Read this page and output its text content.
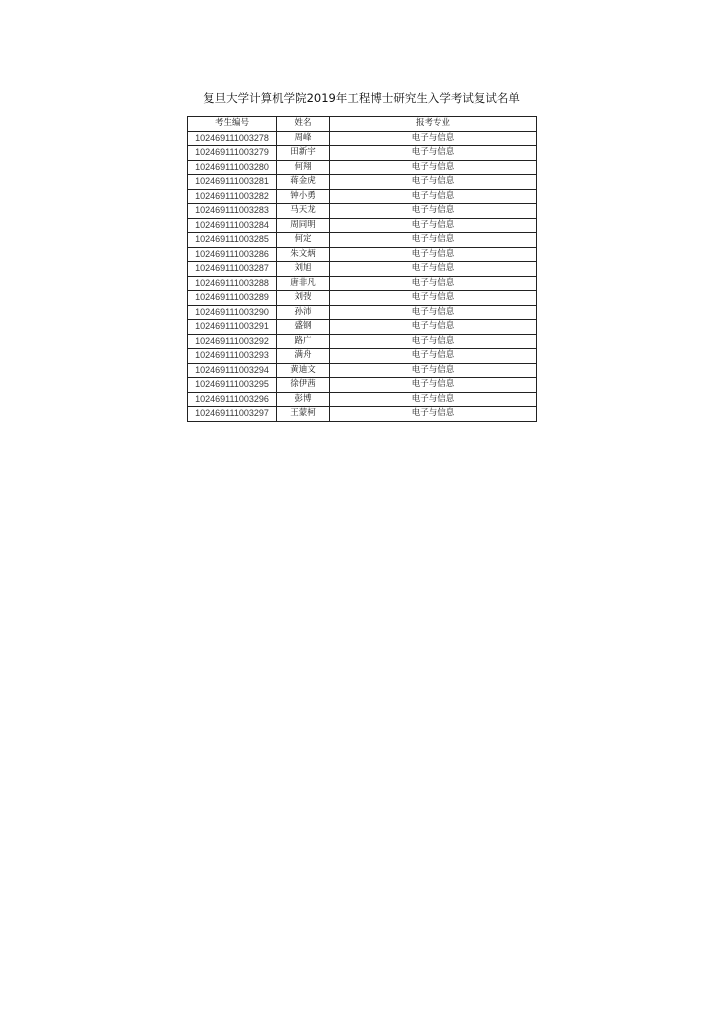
复旦大学计算机学院2019年工程博士研究生入学考试复试名单
考生编号	姓名	报考专业
102469111003278	周峰	电子与信息
102469111003279	田新宇	电子与信息
102469111003280	何翔	电子与信息
102469111003281	蒋金虎	电子与信息
102469111003282	钟小勇	电子与信息
102469111003283	马天龙	电子与信息
102469111003284	周同明	电子与信息
102469111003285	何定	电子与信息
102469111003286	朱文炳	电子与信息
102469111003287	刘旭	电子与信息
102469111003288	唐非凡	电子与信息
102469111003289	刘弢	电子与信息
102469111003290	孙沛	电子与信息
102469111003291	盛钢	电子与信息
102469111003292	路广	电子与信息
102469111003293	满舟	电子与信息
102469111003294	黄迪文	电子与信息
102469111003295	徐伊茜	电子与信息
102469111003296	彭博	电子与信息
102469111003297	王蒙柯	电子与信息
